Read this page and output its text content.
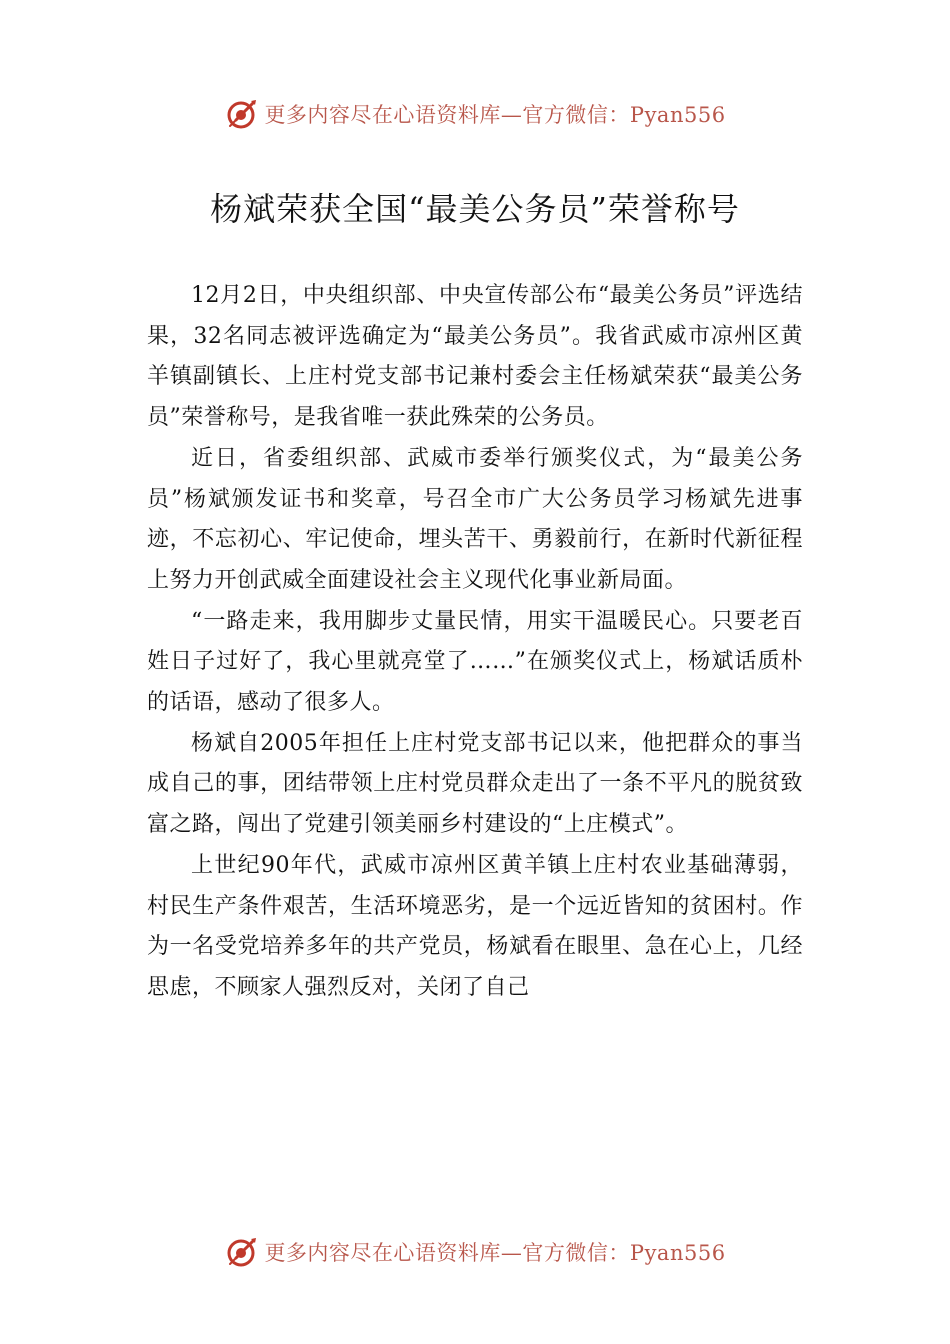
更多内容尽在心语资料库—官方微信：Pyan556
杨斌荣获全国“最美公务员”荣誉称号

12月2日，中央组织部、中央宣传部公布“最美公务员”评选结果，32名同志被评选确定为“最美公务员”。我省武威市凉州区黄羊镇副镇长、上庄村党支部书记兼村委会主任杨斌荣获“最美公务员”荣誉称号，是我省唯一获此殊荣的公务员。

近日，省委组织部、武威市委举行颁奖仪式，为“最美公务员”杨斌颁发证书和奖章，号召全市广大公务员学习杨斌先进事迹，不忘初心、牢记使命，埋头苦干、勇毅前行，在新时代新征程上努力开创武威全面建设社会主义现代化事业新局面。

“一路走来，我用脚步丈量民情，用实干温暖民心。只要老百姓日子过好了，我心里就亮堂了……”在颁奖仪式上，杨斌话质朴的话语，感动了很多人。

杨斌自2005年担任上庄村党支部书记以来，他把群众的事当成自己的事，团结带领上庄村党员群众走出了一条不平凡的脱贫致富之路，闯出了党建引领美丽乡村建设的“上庄模式”。

上世纪90年代，武威市凉州区黄羊镇上庄村农业基础薄弱，村民生产条件艰苦，生活环境恶劣，是一个远近皆知的贫困村。作为一名受党培养多年的共产党员，杨斌看在眼里、急在心上，几经思虑，不顾家人强烈反对，关闭了自己

更多内容尽在心语资料库—官方微信：Pyan556
